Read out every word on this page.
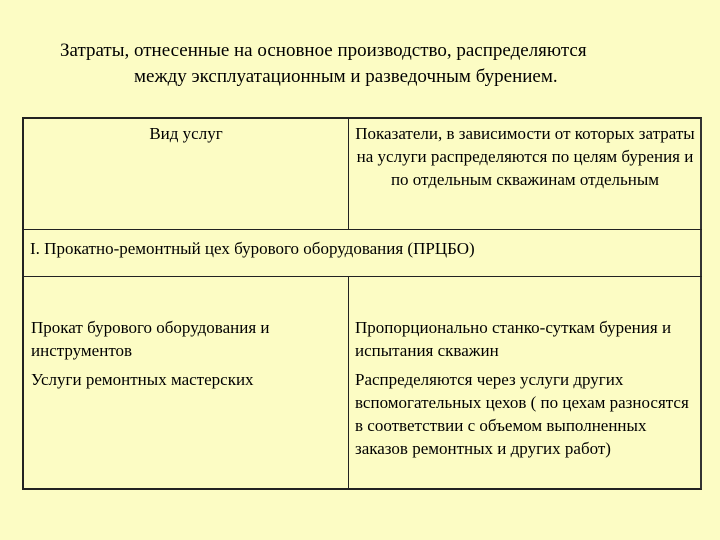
Затраты, отнесенные на основное производство, распределяются
между эксплуатационным и разведочным бурением.
Вид услуг	Показатели, в зависимости от которых затраты на услуги распределяются по целям бурения и по отдельным скважинам отдельным
I. Прокатно-ремонтный цех бурового оборудования (ПРЦБО)
Прокат бурового оборудования и инструментов
Услуги ремонтных мастерских
Пропорционально станко-суткам бурения и испытания скважин
Распределяются через услуги других вспомогательных цехов ( по цехам разносятся в соответствии с объемом выполненных заказов ремонтных и других работ)
